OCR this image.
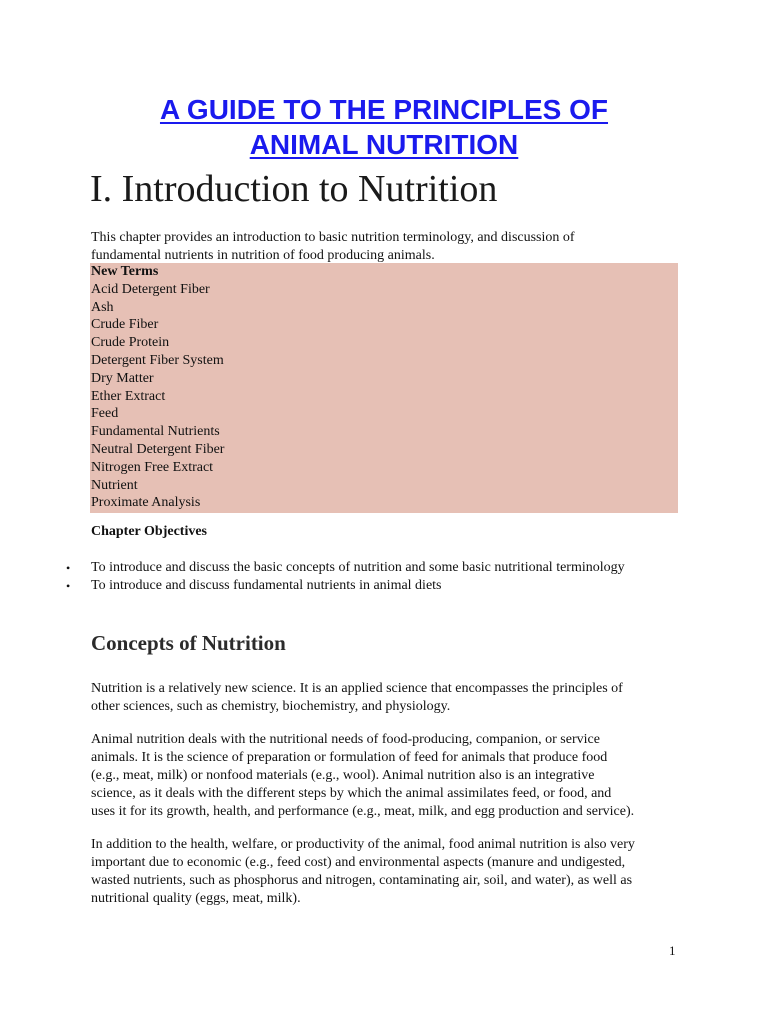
A GUIDE TO THE PRINCIPLES OF
ANIMAL NUTRITION
I. Introduction to Nutrition
This chapter provides an introduction to basic nutrition terminology, and discussion of
fundamental nutrients in nutrition of food producing animals.
New Terms
Acid Detergent Fiber
Ash
Crude Fiber
Crude Protein
Detergent Fiber System
Dry Matter
Ether Extract
Feed
Fundamental Nutrients
Neutral Detergent Fiber
Nitrogen Free Extract
Nutrient
Proximate Analysis
Chapter Objectives
• To introduce and discuss the basic concepts of nutrition and some basic nutritional terminology
• To introduce and discuss fundamental nutrients in animal diets
Concepts of Nutrition
Nutrition is a relatively new science. It is an applied science that encompasses the principles of
other sciences, such as chemistry, biochemistry, and physiology.
Animal nutrition deals with the nutritional needs of food-producing, companion, or service
animals. It is the science of preparation or formulation of feed for animals that produce food
(e.g., meat, milk) or nonfood materials (e.g., wool). Animal nutrition also is an integrative
science, as it deals with the different steps by which the animal assimilates feed, or food, and
uses it for its growth, health, and performance (e.g., meat, milk, and egg production and service).
In addition to the health, welfare, or productivity of the animal, food animal nutrition is also very
important due to economic (e.g., feed cost) and environmental aspects (manure and undigested,
wasted nutrients, such as phosphorus and nitrogen, contaminating air, soil, and water), as well as
nutritional quality (eggs, meat, milk).
1
